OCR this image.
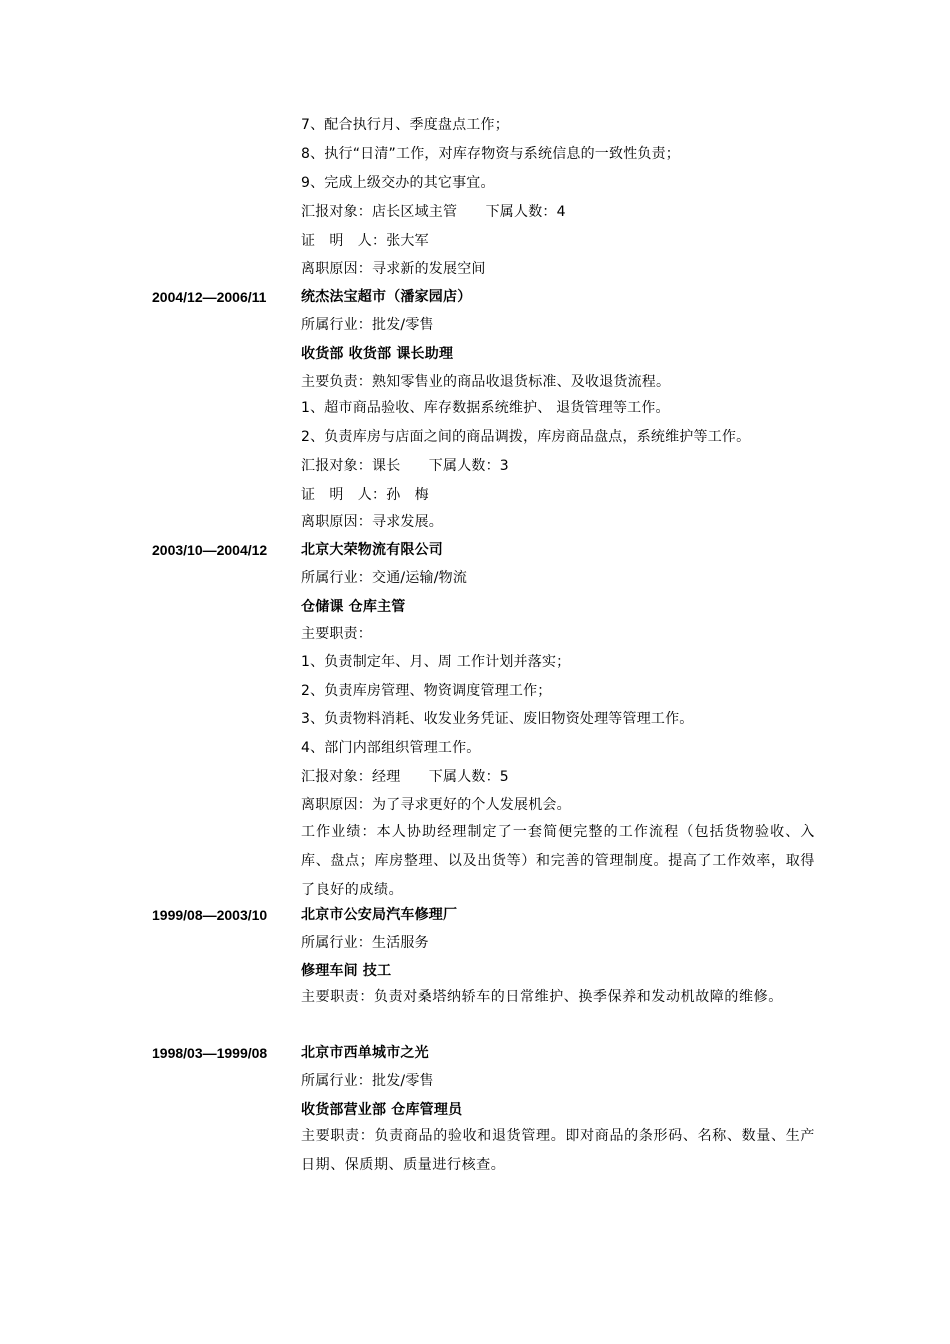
7、配合执行月、季度盘点工作；
8、执行“日清”工作，对库存物资与系统信息的一致性负责；
9、完成上级交办的其它事宜。
汇报对象：店长区域主管　　下属人数：4
证　明　人：张大军
离职原因：寻求新的发展空间
2004/12—2006/11 统杰法宝超市（潘家园店）
所属行业：批发/零售
收货部 收货部 课长助理
主要负责：熟知零售业的商品收退货标准、及收退货流程。
1、超市商品验收、库存数据系统维护、 退货管理等工作。
2、负责库房与店面之间的商品调拨，库房商品盘点，系统维护等工作。
汇报对象：课长　　下属人数：3
证　明　人：孙　梅
离职原因：寻求发展。
2003/10—2004/12 北京大荣物流有限公司
所属行业：交通/运输/物流
仓储课 仓库主管
主要职责：
1、负责制定年、月、周 工作计划并落实；
2、负责库房管理、物资调度管理工作；
3、负责物料消耗、收发业务凭证、废旧物资处理等管理工作。
4、部门内部组织管理工作。
汇报对象：经理　　下属人数：5
离职原因：为了寻求更好的个人发展机会。
工作业绩：本人协助经理制定了一套简便完整的工作流程（包括货物验收、入库、盘点；库房整理、以及出货等）和完善的管理制度。提高了工作效率，取得了良好的成绩。
1999/08—2003/10 北京市公安局汽车修理厂
所属行业：生活服务
修理车间 技工
主要职责：负责对桑塔纳轿车的日常维护、换季保养和发动机故障的维修。
1998/03—1999/08 北京市西单城市之光
所属行业：批发/零售
收货部营业部 仓库管理员
主要职责：负责商品的验收和退货管理。即对商品的条形码、名称、数量、生产日期、保质期、质量进行核查。
